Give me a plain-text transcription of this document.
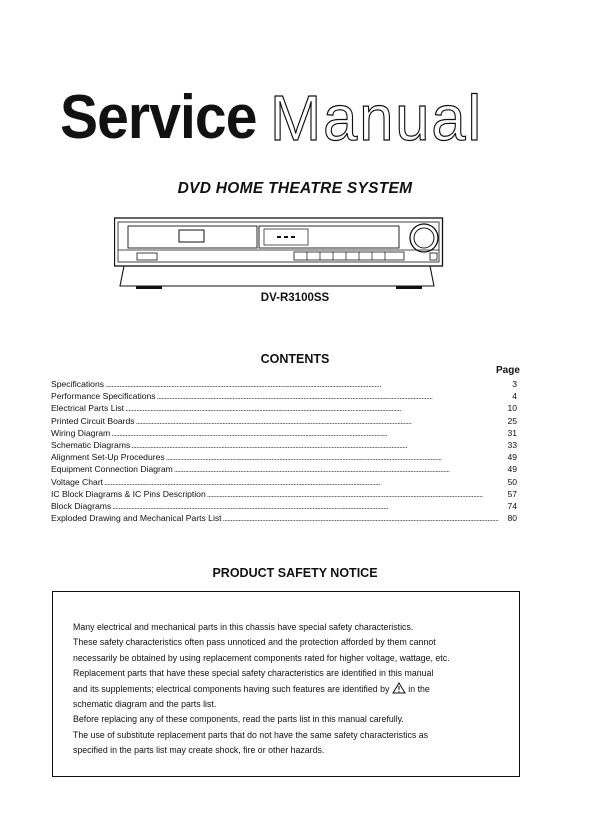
Service Manual
DVD HOME THEATRE SYSTEM
DV-R3100SS
CONTENTS
Page
Specifications . . .	3
Performance Specifications . . .	4
Electrical Parts List . . .	10
Printed Circuit Boards . . .	25
Wiring Diagram . . .	31
Schematic Diagrams . . .	33
Alignment Set-Up Procedures . . .	49
Equipment Connection Diagram . . .	49
Voltage Chart . . .	50
IC Block Diagrams & IC Pins Description . . .	57
Block Diagrams . . .	74
Exploded Drawing and Mechanical Parts List . . .	80
PRODUCT SAFETY NOTICE
Many electrical and mechanical parts in this chassis have special safety characteristics.
These safety characteristics often pass unnoticed and the protection afforded by them cannot
necessarily be obtained by using replacement components rated for higher voltage, wattage, etc.
Replacement parts that have these special safety characteristics are identified in this manual
and its supplements; electrical components having such features are identified by in the
schematic diagram and the parts list.
Before replacing any of these components, read the parts list in this manual carefully.
The use of substitute replacement parts that do not have the same safety characteristics as
specified in the parts list may create shock, fire or other hazards.
